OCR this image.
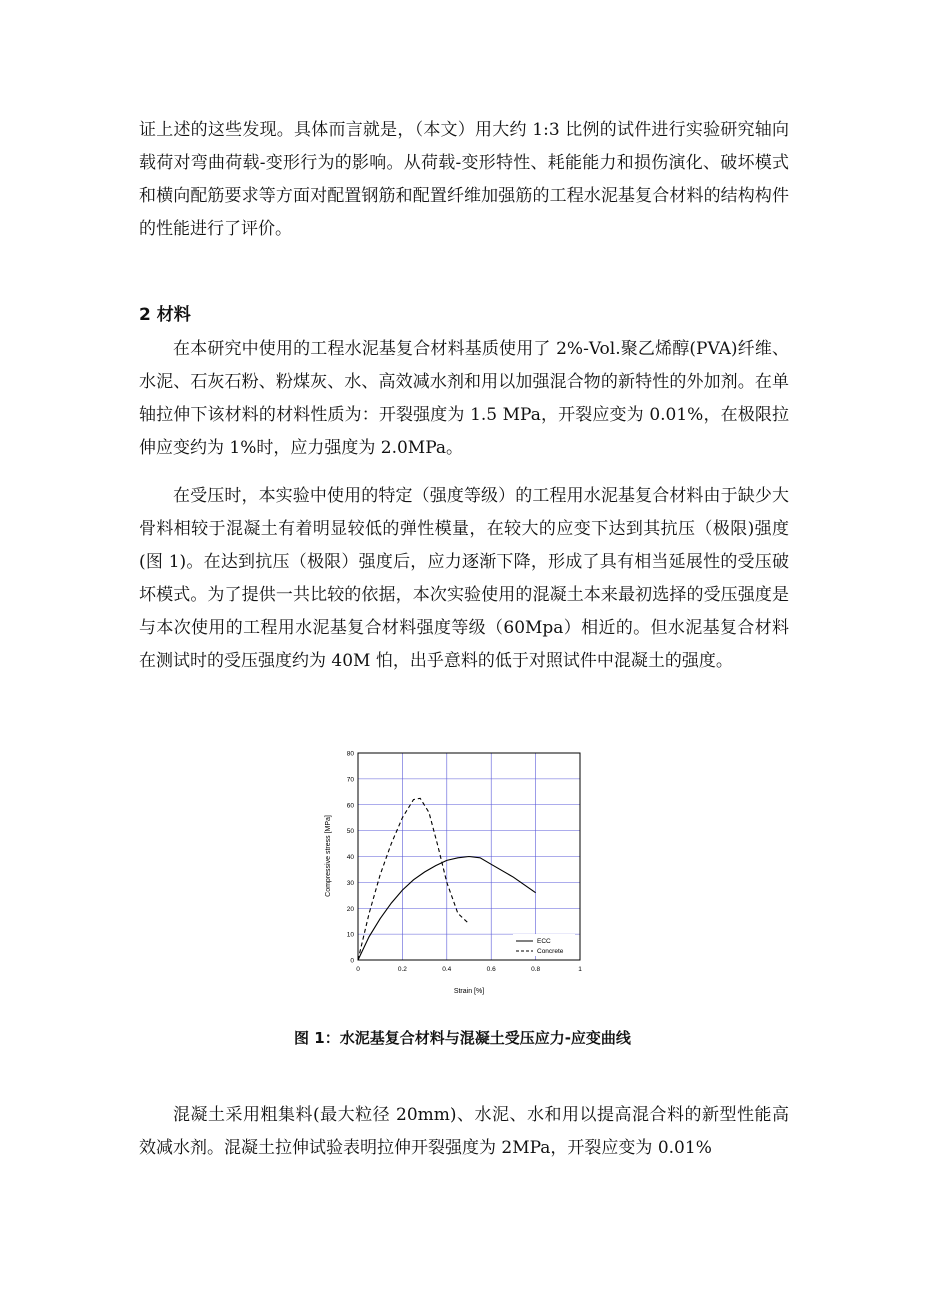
证上述的这些发现。具体而言就是，（本文）用大约 1:3 比例的试件进行实验研究轴向载荷对弯曲荷载-变形行为的影响。从荷载-变形特性、耗能能力和损伤演化、破坏模式和横向配筋要求等方面对配置钢筋和配置纤维加强筋的工程水泥基复合材料的结构构件的性能进行了评价。

2 材料

在本研究中使用的工程水泥基复合材料基质使用了 2%-Vol.聚乙烯醇(PVA)纤维、水泥、石灰石粉、粉煤灰、水、高效减水剂和用以加强混合物的新特性的外加剂。在单轴拉伸下该材料的材料性质为：开裂强度为 1.5 MPa，开裂应变为 0.01%，在极限拉伸应变约为 1%时，应力强度为 2.0MPa。

在受压时，本实验中使用的特定（强度等级）的工程用水泥基复合材料由于缺少大骨料相较于混凝土有着明显较低的弹性模量，在较大的应变下达到其抗压（极限)强度(图 1)。在达到抗压（极限）强度后，应力逐渐下降，形成了具有相当延展性的受压破坏模式。为了提供一共比较的依据，本次实验使用的混凝土本来最初选择的受压强度是与本次使用的工程用水泥基复合材料强度等级（60Mpa）相近的。但水泥基复合材料在测试时的受压强度约为 40M 怕，出乎意料的低于对照试件中混凝土的强度。

0
10
20
30
40
50
60
70
80
0	0.2	0.4	0.6	0.8	1
Compressive stress [MPa]
Strain [%]
ECC
Concrete
图 1：水泥基复合材料与混凝土受压应力-应变曲线

混凝土采用粗集料(最大粒径 20mm)、水泥、水和用以提高混合料的新型性能高效减水剂。混凝土拉伸试验表明拉伸开裂强度为 2MPa，开裂应变为 0.01%
